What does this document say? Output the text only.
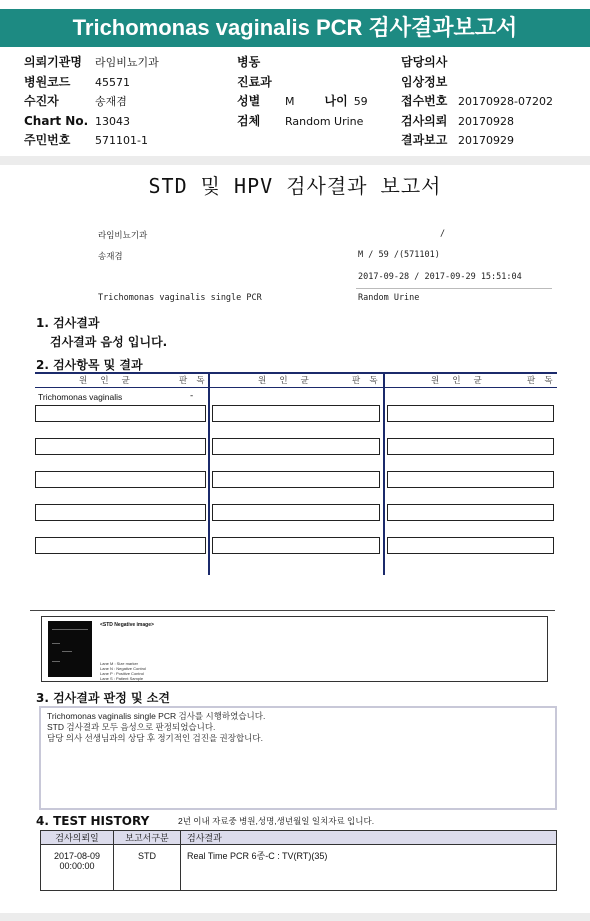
Trichomonas vaginalis PCR 검사결과보고서
의뢰기관명 라임비뇨기과
병원코드 45571
수진자	송재겸
Chart No. 13043
주민번호 571101-1
병동
진료과
성별 M	나이 59
검체 Random Urine
담당의사
임상정보
접수번호 20170928-07202
검사의뢰 20170928
결과보고 20170929
STD 및 HPV 검사결과 보고서
라임비뇨기과	/
송재겸	M / 59 /(571101)
2017-09-28 / 2017-09-29 15:51:04
Trichomonas vaginalis single PCR	Random Urine
1. 검사결과
검사결과 음성 입니다.
2. 검사항목 및 결과
원 인 균	판 독	원 인 균	판 독	원 인 균	판 독
Trichomonas vaginalis	-
<STD Negative image>
Lane M : Size marker
Lane N : Negative Control
Lane P : Positive Control
Lane S : Patient Sample
3. 검사결과 판정 및 소견
Trichomonas vaginalis single PCR 검사를 시행하였습니다.
STD 검사결과 모두 음성으로 판정되었습니다.
담당 의사 선생님과의 상담 후 정기적인 검진을 권장합니다.
4. TEST HISTORY	2년 이내 자료중 병원,성명,생년월일 일치자료 입니다.
검사의뢰일	보고서구분	검사결과

2017-08-09
00:00:00	STD	Real Time PCR 6종-C : TV(RT)(35)
